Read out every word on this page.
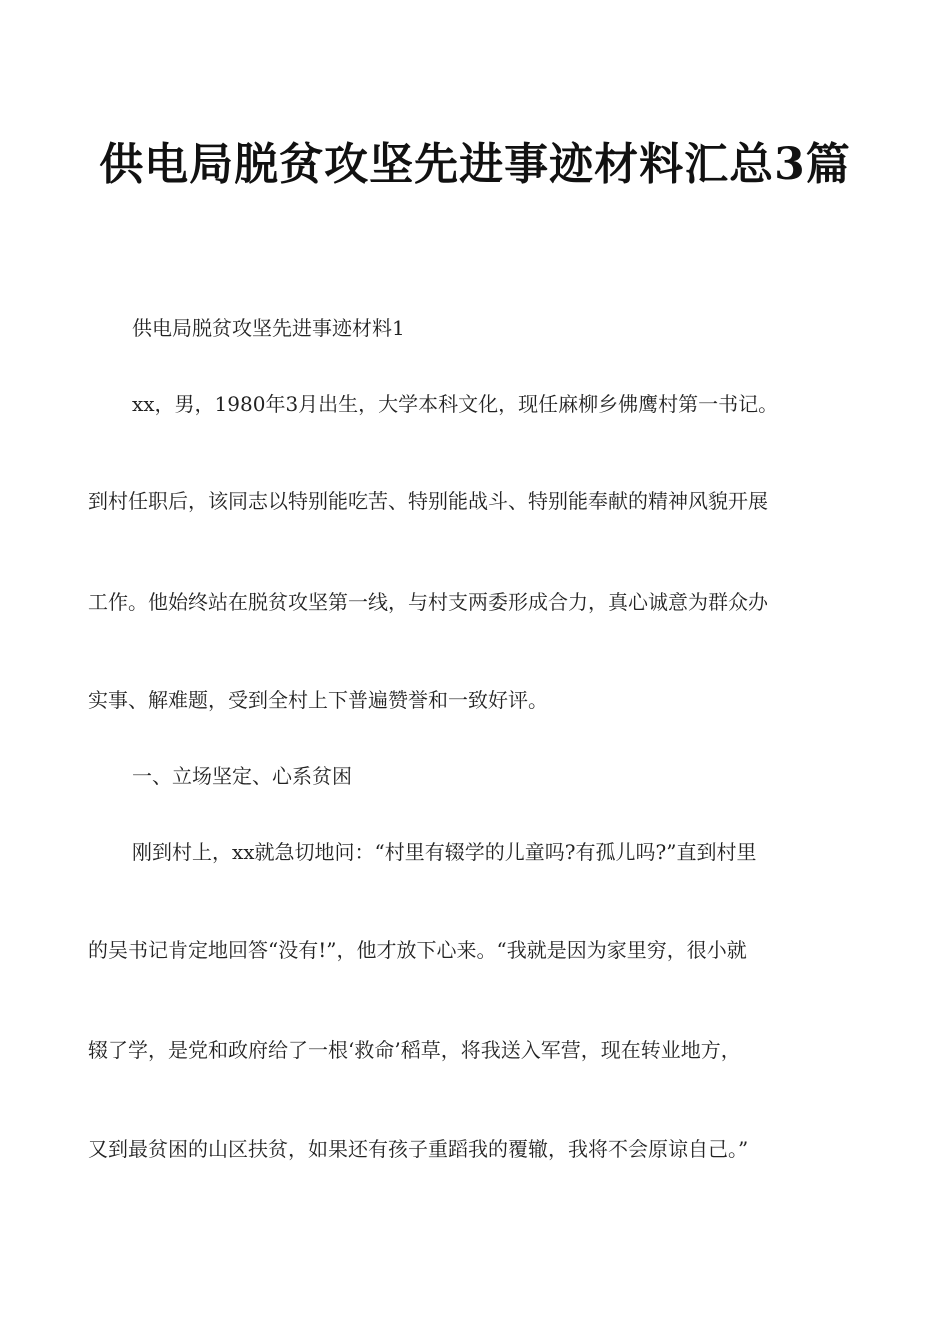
供电局脱贫攻坚先进事迹材料汇总3篇
供电局脱贫攻坚先进事迹材料1
xx，男，1980年3月出生，大学本科文化，现任麻柳乡佛鹰村第一书记。
到村任职后，该同志以特别能吃苦、特别能战斗、特别能奉献的精神风貌开展
工作。他始终站在脱贫攻坚第一线，与村支两委形成合力，真心诚意为群众办
实事、解难题，受到全村上下普遍赞誉和一致好评。
一、立场坚定、心系贫困
刚到村上，xx就急切地问：“村里有辍学的儿童吗?有孤儿吗?”直到村里
的吴书记肯定地回答“没有!”，他才放下心来。“我就是因为家里穷，很小就
辍了学，是党和政府给了一根‘救命’稻草，将我送入军营，现在转业地方，
又到最贫困的山区扶贫，如果还有孩子重蹈我的覆辙，我将不会原谅自己。”
